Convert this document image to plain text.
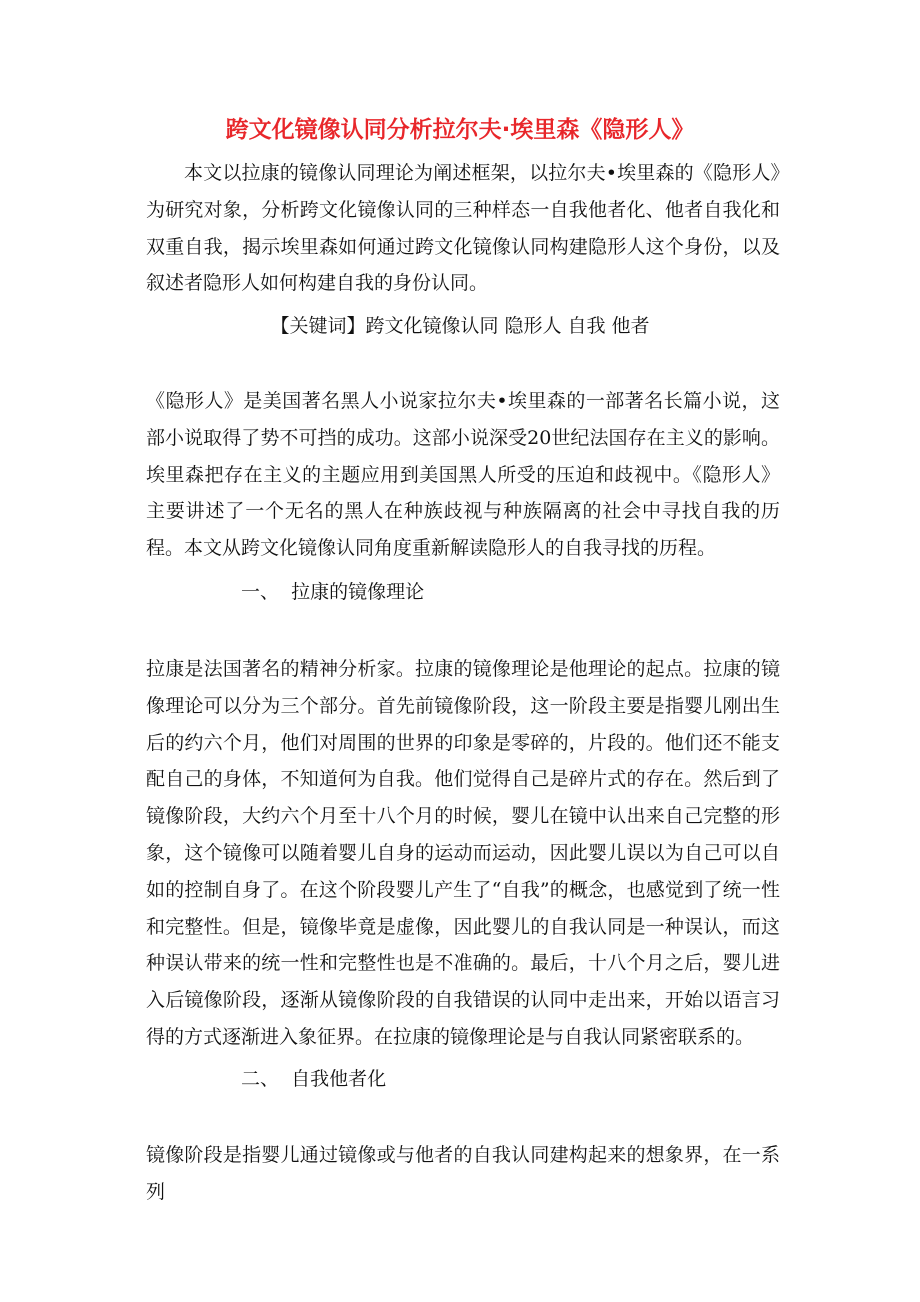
跨文化镜像认同分析拉尔夫·埃里森《隐形人》

本文以拉康的镜像认同理论为阐述框架，以拉尔夫•埃里森的《隐形人》为研究对象，分析跨文化镜像认同的三种样态一自我他者化、他者自我化和双重自我，揭示埃里森如何通过跨文化镜像认同构建隐形人这个身份，以及叙述者隐形人如何构建自我的身份认同。

【关键词】跨文化镜像认同 隐形人 自我 他者

《隐形人》是美国著名黑人小说家拉尔夫•埃里森的一部著名长篇小说，这部小说取得了势不可挡的成功。这部小说深受20世纪法国存在主义的影响。埃里森把存在主义的主题应用到美国黑人所受的压迫和歧视中。《隐形人》主要讲述了一个无名的黑人在种族歧视与种族隔离的社会中寻找自我的历程。本文从跨文化镜像认同角度重新解读隐形人的自我寻找的历程。

一、  拉康的镜像理论

拉康是法国著名的精神分析家。拉康的镜像理论是他理论的起点。拉康的镜像理论可以分为三个部分。首先前镜像阶段，这一阶段主要是指婴儿刚出生后的约六个月，他们对周围的世界的印象是零碎的，片段的。他们还不能支配自己的身体，不知道何为自我。他们觉得自己是碎片式的存在。然后到了镜像阶段，大约六个月至十八个月的时候，婴儿在镜中认出来自己完整的形象，这个镜像可以随着婴儿自身的运动而运动，因此婴儿误以为自己可以自如的控制自身了。在这个阶段婴儿产生了“自我”的概念，也感觉到了统一性和完整性。但是，镜像毕竟是虚像，因此婴儿的自我认同是一种误认，而这种误认带来的统一性和完整性也是不准确的。最后，十八个月之后，婴儿进入后镜像阶段，逐渐从镜像阶段的自我错误的认同中走出来，开始以语言习得的方式逐渐进入象征界。在拉康的镜像理论是与自我认同紧密联系的。

二、  自我他者化

镜像阶段是指婴儿通过镜像或与他者的自我认同建构起来的想象界，在一系列
